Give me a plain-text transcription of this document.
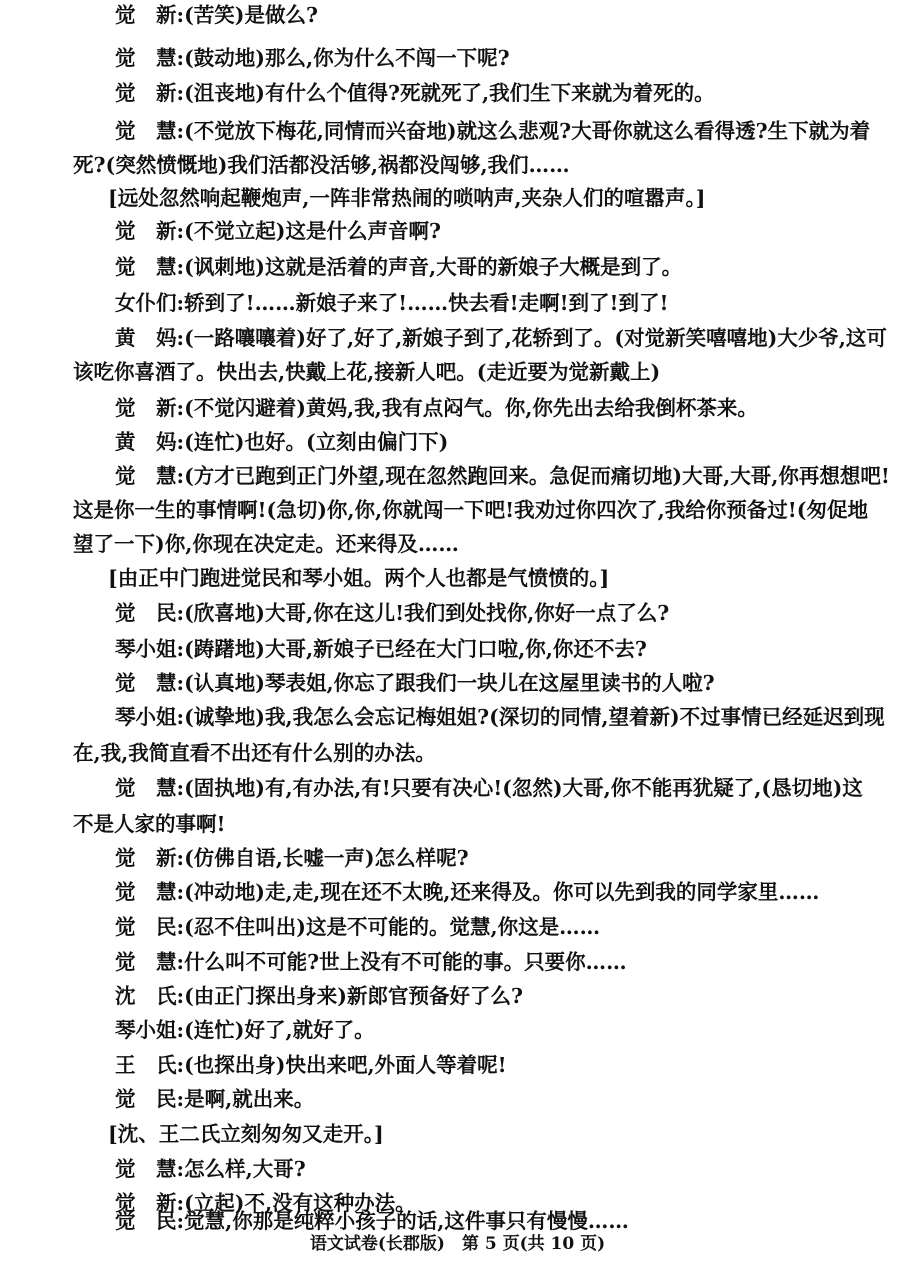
觉　新:(苦笑)是做么?
觉　慧:(鼓动地)那么,你为什么不闯一下呢?
觉　新:(沮丧地)有什么个值得?死就死了,我们生下来就为着死的。
觉　慧:(不觉放下梅花,同情而兴奋地)就这么悲观?大哥你就这么看得透?生下就为着
死?(突然愤慨地)我们活都没活够,祸都没闯够,我们……
[远处忽然响起鞭炮声,一阵非常热闹的唢呐声,夹杂人们的喧嚣声。]
觉　新:(不觉立起)这是什么声音啊?
觉　慧:(讽刺地)这就是活着的声音,大哥的新娘子大概是到了。
女仆们:轿到了!……新娘子来了!……快去看!走啊!到了!到了!
黄　妈:(一路嚷嚷着)好了,好了,新娘子到了,花轿到了。(对觉新笑嘻嘻地)大少爷,这可
该吃你喜酒了。快出去,快戴上花,接新人吧。(走近要为觉新戴上)
觉　新:(不觉闪避着)黄妈,我,我有点闷气。你,你先出去给我倒杯茶来。
黄　妈:(连忙)也好。(立刻由偏门下)
觉　慧:(方才已跑到正门外望,现在忽然跑回来。急促而痛切地)大哥,大哥,你再想想吧!
这是你一生的事情啊!(急切)你,你,你就闯一下吧!我劝过你四次了,我给你预备过!(匆促地
望了一下)你,你现在决定走。还来得及……
[由正中门跑进觉民和琴小姐。两个人也都是气愤愤的。]
觉　民:(欣喜地)大哥,你在这儿!我们到处找你,你好一点了么?
琴小姐:(踌躇地)大哥,新娘子已经在大门口啦,你,你还不去?
觉　慧:(认真地)琴表姐,你忘了跟我们一块儿在这屋里读书的人啦?
琴小姐:(诚挚地)我,我怎么会忘记梅姐姐?(深切的同情,望着新)不过事情已经延迟到现
在,我,我简直看不出还有什么别的办法。
觉　慧:(固执地)有,有办法,有!只要有决心!(忽然)大哥,你不能再犹疑了,(恳切地)这
不是人家的事啊!
觉　新:(仿佛自语,长嘘一声)怎么样呢?
觉　慧:(冲动地)走,走,现在还不太晚,还来得及。你可以先到我的同学家里……
觉　民:(忍不住叫出)这是不可能的。觉慧,你这是……
觉　慧:什么叫不可能?世上没有不可能的事。只要你……
沈　氏:(由正门探出身来)新郎官预备好了么?
琴小姐:(连忙)好了,就好了。
王　氏:(也探出身)快出来吧,外面人等着呢!
觉　民:是啊,就出来。
[沈、王二氏立刻匆匆又走开。]
觉　慧:怎么样,大哥?
觉　新:(立起)不,没有这种办法。
觉　民:觉慧,你那是纯粹小孩子的话,这件事只有慢慢……
语文试卷(长郡版)　第 5 页(共 10 页)
